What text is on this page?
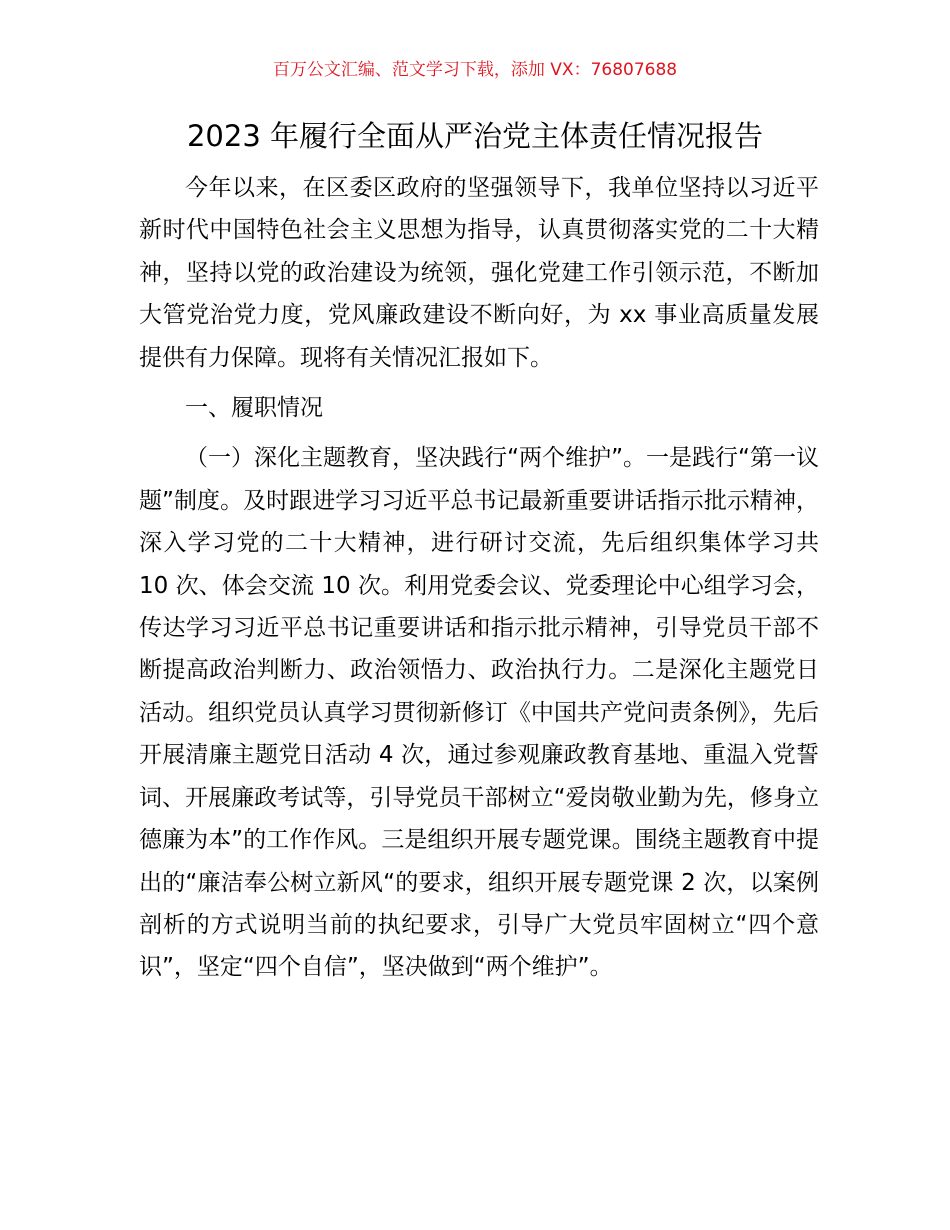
百万公文汇编、范文学习下载，添加 VX：76807688
2023 年履行全面从严治党主体责任情况报告

今年以来，在区委区政府的坚强领导下，我单位坚持以习近平新时代中国特色社会主义思想为指导，认真贯彻落实党的二十大精神，坚持以党的政治建设为统领，强化党建工作引领示范，不断加大管党治党力度，党风廉政建设不断向好，为 xx 事业高质量发展提供有力保障。现将有关情况汇报如下。

一、履职情况

（一）深化主题教育，坚决践行“两个维护”。一是践行“第一议题”制度。及时跟进学习习近平总书记最新重要讲话指示批示精神，深入学习党的二十大精神，进行研讨交流，先后组织集体学习共 10 次、体会交流 10 次。利用党委会议、党委理论中心组学习会，传达学习习近平总书记重要讲话和指示批示精神，引导党员干部不断提高政治判断力、政治领悟力、政治执行力。二是深化主题党日活动。组织党员认真学习贯彻新修订《中国共产党问责条例》，先后开展清廉主题党日活动 4 次，通过参观廉政教育基地、重温入党誓词、开展廉政考试等，引导党员干部树立“爱岗敬业勤为先，修身立德廉为本”的工作作风。三是组织开展专题党课。围绕主题教育中提出的“廉洁奉公树立新风“的要求，组织开展专题党课 2 次，以案例剖析的方式说明当前的执纪要求，引导广大党员牢固树立“四个意识”，坚定“四个自信”，坚决做到“两个维护”。
